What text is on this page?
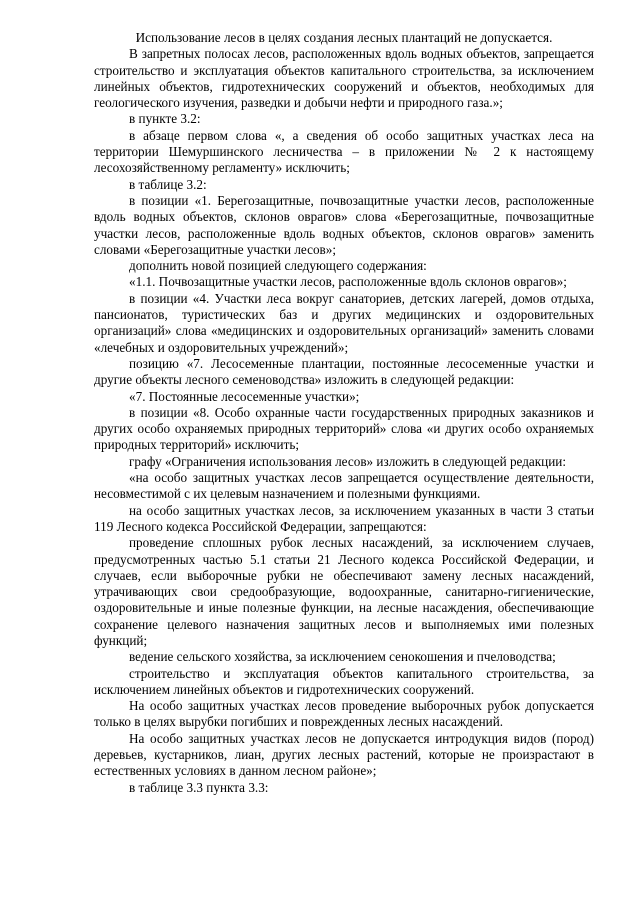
Использование лесов в целях создания лесных плантаций не допускается.

В запретных полосах лесов, расположенных вдоль водных объектов, запрещается строительство и эксплуатация объектов капитального строительства, за исключением линейных объектов, гидротехнических сооружений и объектов, необходимых для геологического изучения, разведки и добычи нефти и природного газа.»;

в пункте 3.2:

в абзаце первом слова «, а сведения об особо защитных участках леса на территории Шемуршинского лесничества – в приложении № 2 к настоящему лесохозяйственному регламенту» исключить;

в таблице 3.2:

в позиции «1. Берегозащитные, почвозащитные участки лесов, расположенные вдоль водных объектов, склонов оврагов» слова «Берегозащитные, почвозащитные участки лесов, расположенные вдоль водных объектов, склонов оврагов» заменить словами «Берегозащитные участки лесов»;

дополнить новой позицией следующего содержания:

«1.1. Почвозащитные участки лесов, расположенные вдоль склонов оврагов»;

в позиции «4. Участки леса вокруг санаториев, детских лагерей, домов отдыха, пансионатов, туристических баз и других медицинских и оздоровительных организаций» слова «медицинских и оздоровительных организаций» заменить словами «лечебных и оздоровительных учреждений»;

позицию «7. Лесосеменные плантации, постоянные лесосеменные участки и другие объекты лесного семеноводства» изложить в следующей редакции:

«7. Постоянные лесосеменные участки»;

в позиции «8. Особо охранные части государственных природных заказников и других особо охраняемых природных территорий» слова «и других особо охраняемых природных территорий» исключить;

графу «Ограничения использования лесов» изложить в следующей редакции:

«на особо защитных участках лесов запрещается осуществление деятельности, несовместимой с их целевым назначением и полезными функциями.

на особо защитных участках лесов, за исключением указанных в части 3 статьи 119 Лесного кодекса Российской Федерации, запрещаются:

проведение сплошных рубок лесных насаждений, за исключением случаев, предусмотренных частью 5.1 статьи 21 Лесного кодекса Российской Федерации, и случаев, если выборочные рубки не обеспечивают замену лесных насаждений, утрачивающих свои средообразующие, водоохранные, санитарно-гигиенические, оздоровительные и иные полезные функции, на лесные насаждения, обеспечивающие сохранение целевого назначения защитных лесов и выполняемых ими полезных функций;

ведение сельского хозяйства, за исключением сенокошения и пчеловодства;

строительство и эксплуатация объектов капитального строительства, за исключением линейных объектов и гидротехнических сооружений.

На особо защитных участках лесов проведение выборочных рубок допускается только в целях вырубки погибших и поврежденных лесных насаждений.

На особо защитных участках лесов не допускается интродукция видов (пород) деревьев, кустарников, лиан, других лесных растений, которые не произрастают в естественных условиях в данном лесном районе»;

в таблице 3.3 пункта 3.3:
